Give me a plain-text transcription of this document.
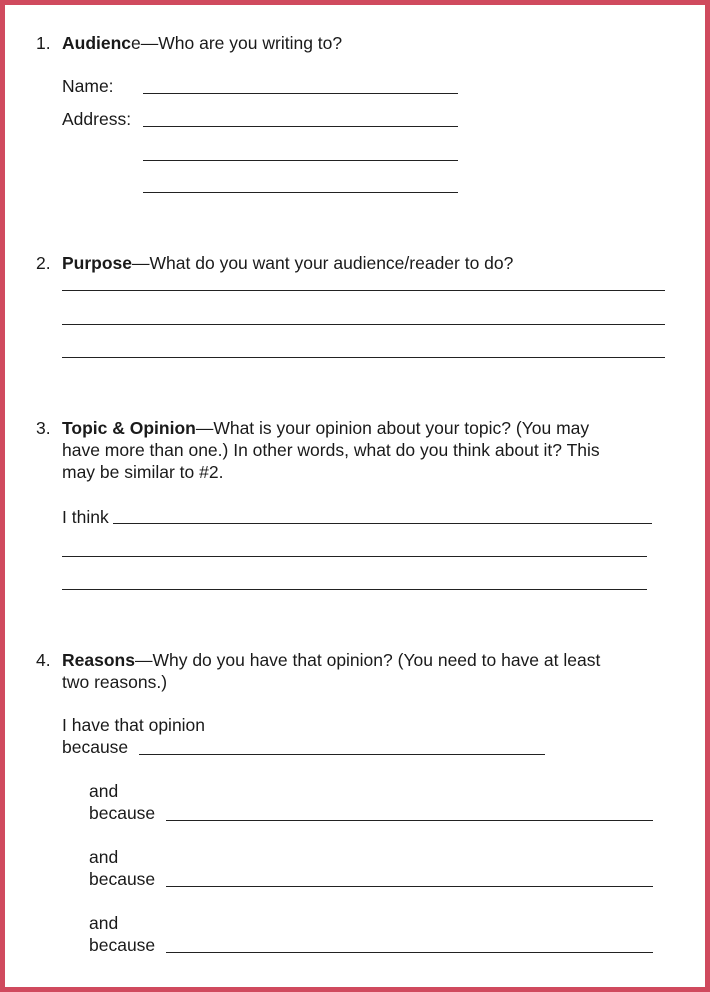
1. Audience—Who are you writing to?
Name:
Address:
2. Purpose—What do you want your audience/reader to do?
3. Topic & Opinion—What is your opinion about your topic? (You may
have more than one.) In other words, what do you think about it? This
may be similar to #2.
I think
4. Reasons—Why do you have that opinion? (You need to have at least
two reasons.)
I have that opinion
because
and
because
and
because
and
because
